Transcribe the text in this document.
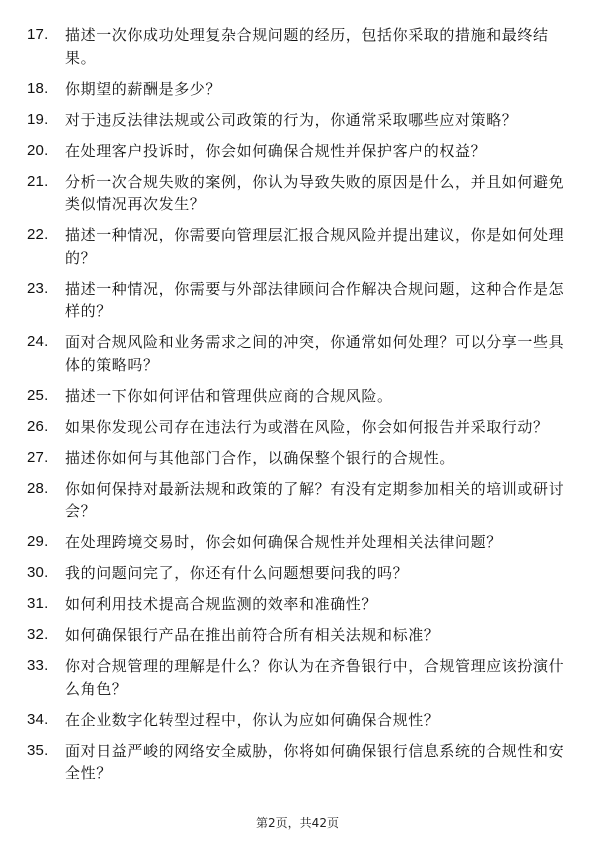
17.	描述一次你成功处理复杂合规问题的经历，包括你采取的措施和最终结果。
18.	你期望的薪酬是多少？
19.	对于违反法律法规或公司政策的行为，你通常采取哪些应对策略？
20.	在处理客户投诉时，你会如何确保合规性并保护客户的权益？
21.	分析一次合规失败的案例，你认为导致失败的原因是什么，并且如何避免类似情况再次发生？
22.	描述一种情况，你需要向管理层汇报合规风险并提出建议，你是如何处理的？
23.	描述一种情况，你需要与外部法律顾问合作解决合规问题，这种合作是怎样的？
24.	面对合规风险和业务需求之间的冲突，你通常如何处理？可以分享一些具体的策略吗？
25.	描述一下你如何评估和管理供应商的合规风险。
26.	如果你发现公司存在违法行为或潜在风险，你会如何报告并采取行动？
27.	描述你如何与其他部门合作，以确保整个银行的合规性。
28.	你如何保持对最新法规和政策的了解？有没有定期参加相关的培训或研讨会？
29.	在处理跨境交易时，你会如何确保合规性并处理相关法律问题？
30.	我的问题问完了，你还有什么问题想要问我的吗？
31.	如何利用技术提高合规监测的效率和准确性？
32.	如何确保银行产品在推出前符合所有相关法规和标准？
33.	你对合规管理的理解是什么？你认为在齐鲁银行中，合规管理应该扮演什么角色？
34.	在企业数字化转型过程中，你认为应如何确保合规性？
35.	面对日益严峻的网络安全威胁，你将如何确保银行信息系统的合规性和安全性？
第2页，共42页
